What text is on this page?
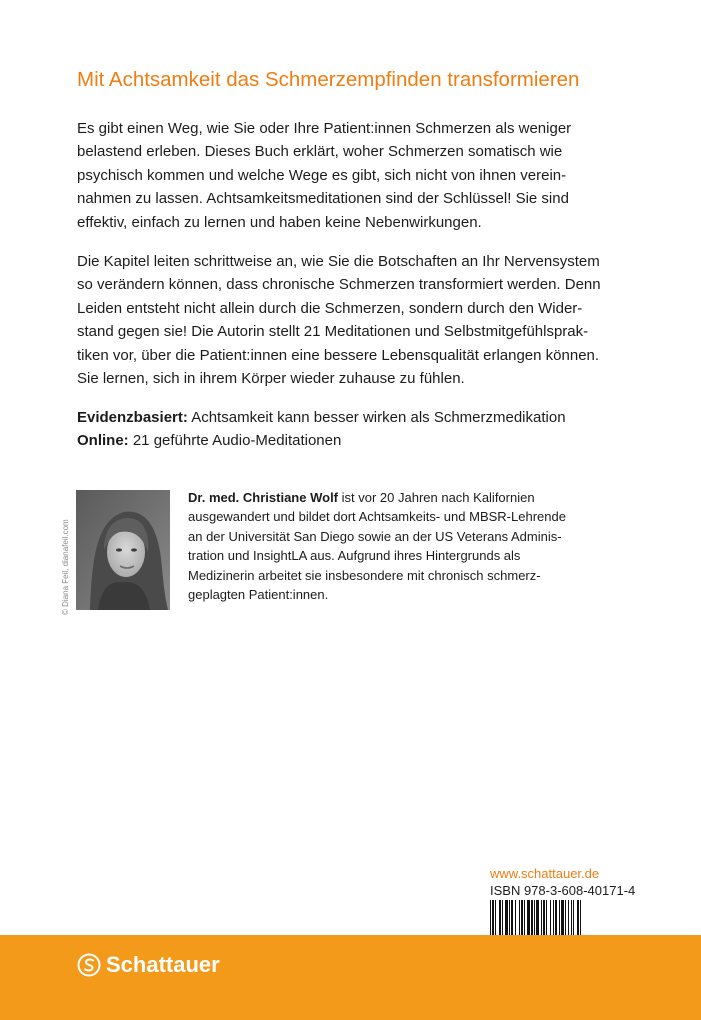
Mit Achtsamkeit das Schmerzempfinden transformieren

Es gibt einen Weg, wie Sie oder Ihre Patient:innen Schmerzen als weniger
belastend erleben. Dieses Buch erklärt, woher Schmerzen somatisch wie
psychisch kommen und welche Wege es gibt, sich nicht von ihnen verein-
nahmen zu lassen. Achtsamkeitsmeditationen sind der Schlüssel! Sie sind
effektiv, einfach zu lernen und haben keine Nebenwirkungen.

Die Kapitel leiten schrittweise an, wie Sie die Botschaften an Ihr Nervensystem
so verändern können, dass chronische Schmerzen transformiert werden. Denn
Leiden entsteht nicht allein durch die Schmerzen, sondern durch den Wider-
stand gegen sie! Die Autorin stellt 21 Meditationen und Selbstmitgefühlsprak-
tiken vor, über die Patient:innen eine bessere Lebensqualität erlangen können.
Sie lernen, sich in ihrem Körper wieder zuhause zu fühlen.

Evidenzbasiert: Achtsamkeit kann besser wirken als Schmerzmedikation
Online: 21 geführte Audio-Meditationen

© Diana Feil, dianafeil.com

Dr. med. Christiane Wolf ist vor 20 Jahren nach Kalifornien
ausgewandert und bildet dort Achtsamkeits- und MBSR-Lehrende
an der Universität San Diego sowie an der US Veterans Adminis-
tration und InsightLA aus. Aufgrund ihres Hintergrunds als
Medizinerin arbeitet sie insbesondere mit chronisch schmerz-
geplagten Patient:innen.

www.schattauer.de
ISBN 978-3-608-40171-4
Schattauer
